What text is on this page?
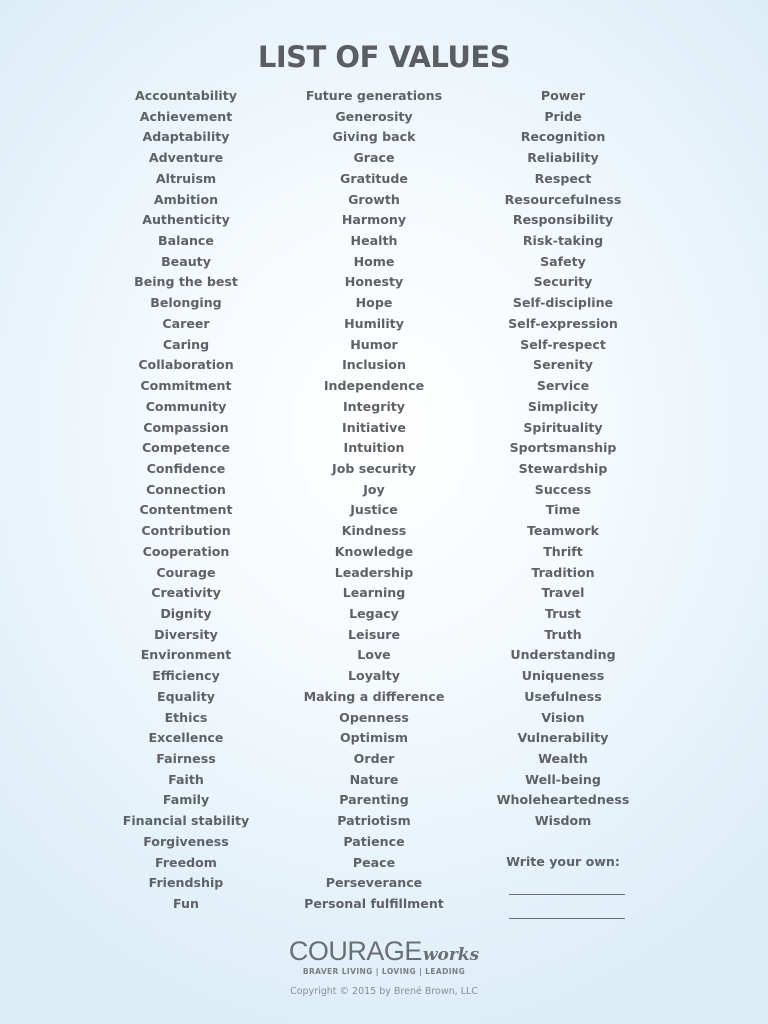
LIST OF VALUES
Accountability
Achievement
Adaptability
Adventure
Altruism
Ambition
Authenticity
Balance
Beauty
Being the best
Belonging
Career
Caring
Collaboration
Commitment
Community
Compassion
Competence
Confidence
Connection
Contentment
Contribution
Cooperation
Courage
Creativity
Dignity
Diversity
Environment
Efficiency
Equality
Ethics
Excellence
Fairness
Faith
Family
Financial stability
Forgiveness
Freedom
Friendship
Fun
Future generations
Generosity
Giving back
Grace
Gratitude
Growth
Harmony
Health
Home
Honesty
Hope
Humility
Humor
Inclusion
Independence
Integrity
Initiative
Intuition
Job security
Joy
Justice
Kindness
Knowledge
Leadership
Learning
Legacy
Leisure
Love
Loyalty
Making a difference
Openness
Optimism
Order
Nature
Parenting
Patriotism
Patience
Peace
Perseverance
Personal fulfillment
Power
Pride
Recognition
Reliability
Respect
Resourcefulness
Responsibility
Risk-taking
Safety
Security
Self-discipline
Self-expression
Self-respect
Serenity
Service
Simplicity
Spirituality
Sportsmanship
Stewardship
Success
Time
Teamwork
Thrift
Tradition
Travel
Trust
Truth
Understanding
Uniqueness
Usefulness
Vision
Vulnerability
Wealth
Well-being
Wholeheartedness
Wisdom
Write your own:
COURAGEworks
BRAVER LIVING | LOVING | LEADING
Copyright © 2015 by Brené Brown, LLC
